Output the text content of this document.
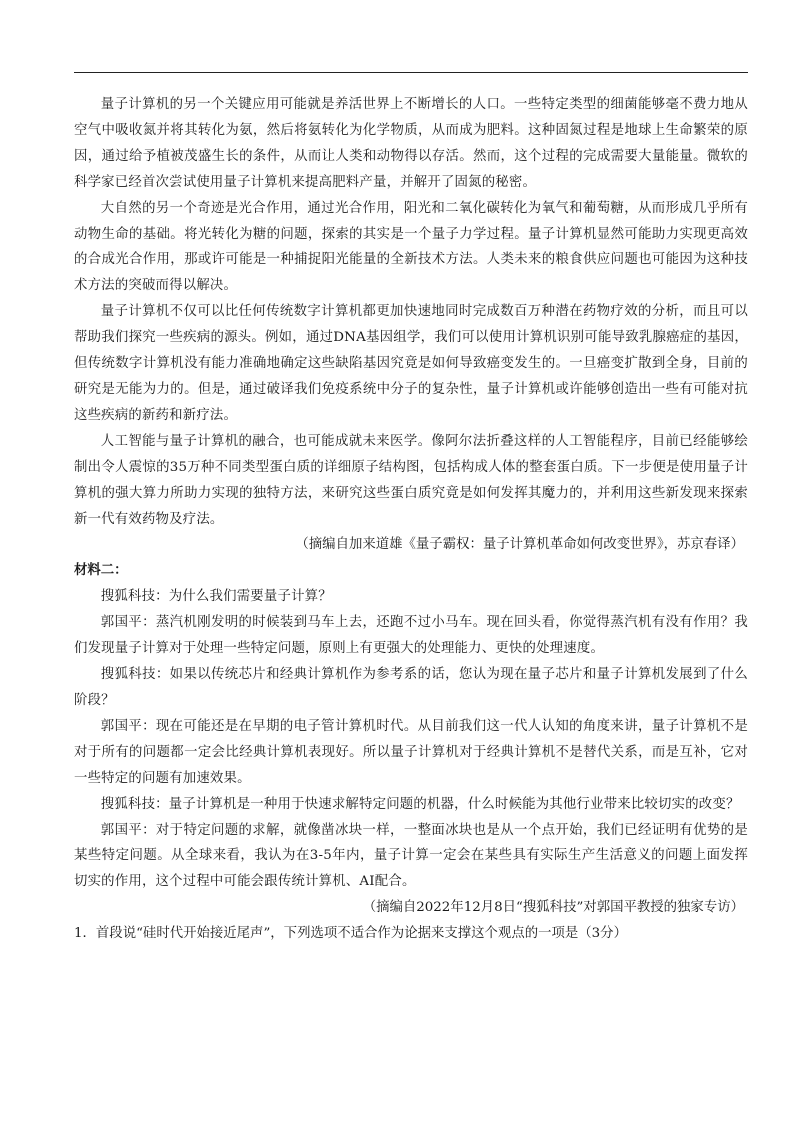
量子计算机的另一个关键应用可能就是养活世界上不断增长的人口。一些特定类型的细菌能够毫不费力地从空气中吸收氮并将其转化为氨，然后将氨转化为化学物质，从而成为肥料。这种固氮过程是地球上生命繁荣的原因，通过给予植被茂盛生长的条件，从而让人类和动物得以存活。然而，这个过程的完成需要大量能量。微软的科学家已经首次尝试使用量子计算机来提高肥料产量，并解开了固氮的秘密。

大自然的另一个奇迹是光合作用，通过光合作用，阳光和二氧化碳转化为氧气和葡萄糖，从而形成几乎所有动物生命的基础。将光转化为糖的问题，探索的其实是一个量子力学过程。量子计算机显然可能助力实现更高效的合成光合作用，那或许可能是一种捕捉阳光能量的全新技术方法。人类未来的粮食供应问题也可能因为这种技术方法的突破而得以解决。

量子计算机不仅可以比任何传统数字计算机都更加快速地同时完成数百万种潜在药物疗效的分析，而且可以帮助我们探究一些疾病的源头。例如，通过DNA基因组学，我们可以使用计算机识别可能导致乳腺癌症的基因，但传统数字计算机没有能力准确地确定这些缺陷基因究竟是如何导致癌变发生的。一旦癌变扩散到全身，目前的研究是无能为力的。但是，通过破译我们免疫系统中分子的复杂性，量子计算机或许能够创造出一些有可能对抗这些疾病的新药和新疗法。

人工智能与量子计算机的融合，也可能成就未来医学。像阿尔法折叠这样的人工智能程序，目前已经能够绘制出令人震惊的35万种不同类型蛋白质的详细原子结构图，包括构成人体的整套蛋白质。下一步便是使用量子计算机的强大算力所助力实现的独特方法，来研究这些蛋白质究竟是如何发挥其魔力的，并利用这些新发现来探索新一代有效药物及疗法。

（摘编自加来道雄《量子霸权：量子计算机革命如何改变世界》，苏京春译）

材料二：

搜狐科技：为什么我们需要量子计算？

郭国平：蒸汽机刚发明的时候装到马车上去，还跑不过小马车。现在回头看，你觉得蒸汽机有没有作用？我们发现量子计算对于处理一些特定问题，原则上有更强大的处理能力、更快的处理速度。

搜狐科技：如果以传统芯片和经典计算机作为参考系的话，您认为现在量子芯片和量子计算机发展到了什么阶段？

郭国平：现在可能还是在早期的电子管计算机时代。从目前我们这一代人认知的角度来讲，量子计算机不是对于所有的问题都一定会比经典计算机表现好。所以量子计算机对于经典计算机不是替代关系，而是互补，它对一些特定的问题有加速效果。

搜狐科技：量子计算机是一种用于快速求解特定问题的机器，什么时候能为其他行业带来比较切实的改变？

郭国平：对于特定问题的求解，就像凿冰块一样，一整面冰块也是从一个点开始，我们已经证明有优势的是某些特定问题。从全球来看，我认为在3-5年内，量子计算一定会在某些具有实际生产生活意义的问题上面发挥切实的作用，这个过程中可能会跟传统计算机、AI配合。

（摘编自2022年12月8日“搜狐科技”对郭国平教授的独家专访）

1．首段说“硅时代开始接近尾声”，下列选项不适合作为论据来支撑这个观点的一项是（3分）
